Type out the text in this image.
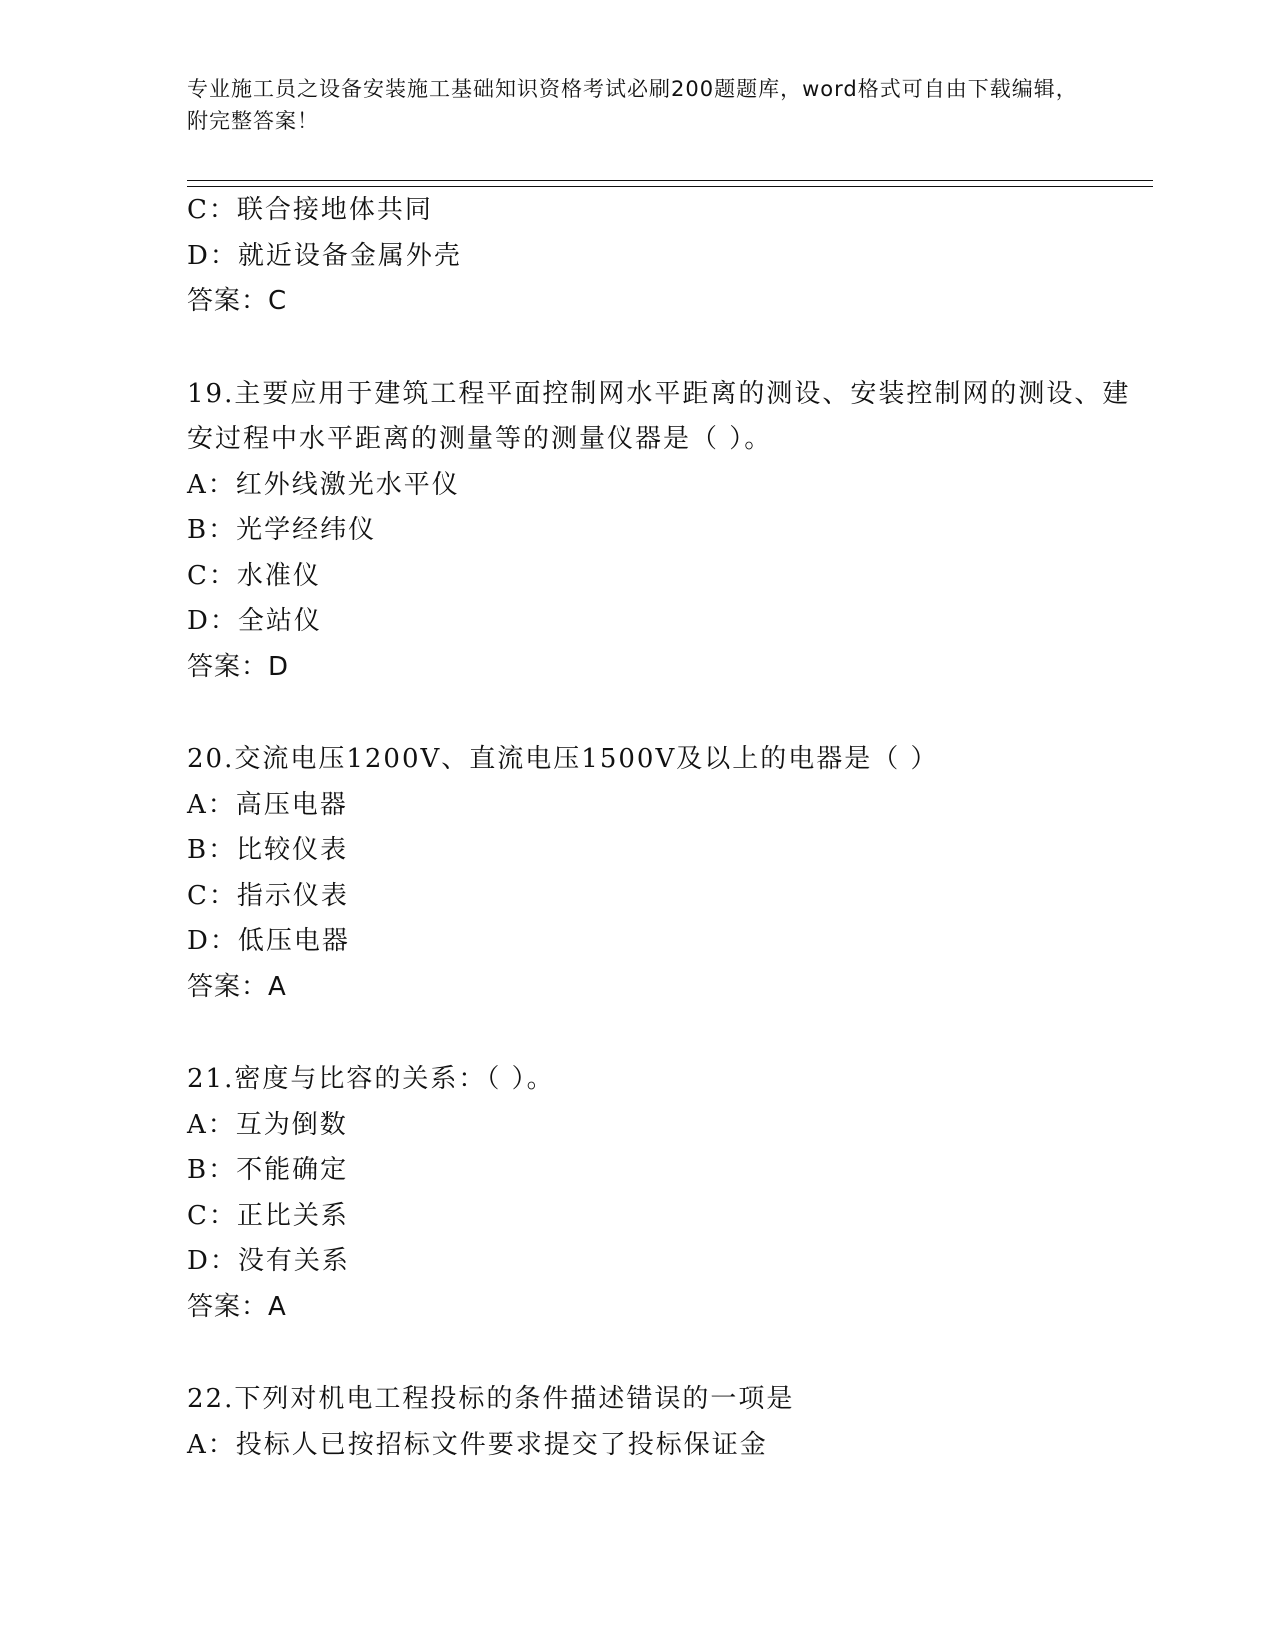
专业施工员之设备安装施工基础知识资格考试必刷200题题库，word格式可自由下载编辑，附完整答案！
C：联合接地体共同
D：就近设备金属外壳
答案：C
19.主要应用于建筑工程平面控制网水平距离的测设、安装控制网的测设、建安过程中水平距离的测量等的测量仪器是（ ）。
A：红外线激光水平仪
B：光学经纬仪
C：水准仪
D：全站仪
答案：D
20.交流电压1200V、直流电压1500V及以上的电器是（ ）
A：高压电器
B：比较仪表
C：指示仪表
D：低压电器
答案：A
21.密度与比容的关系：（ ）。
A：互为倒数
B：不能确定
C：正比关系
D：没有关系
答案：A
22.下列对机电工程投标的条件描述错误的一项是
A：投标人已按招标文件要求提交了投标保证金
